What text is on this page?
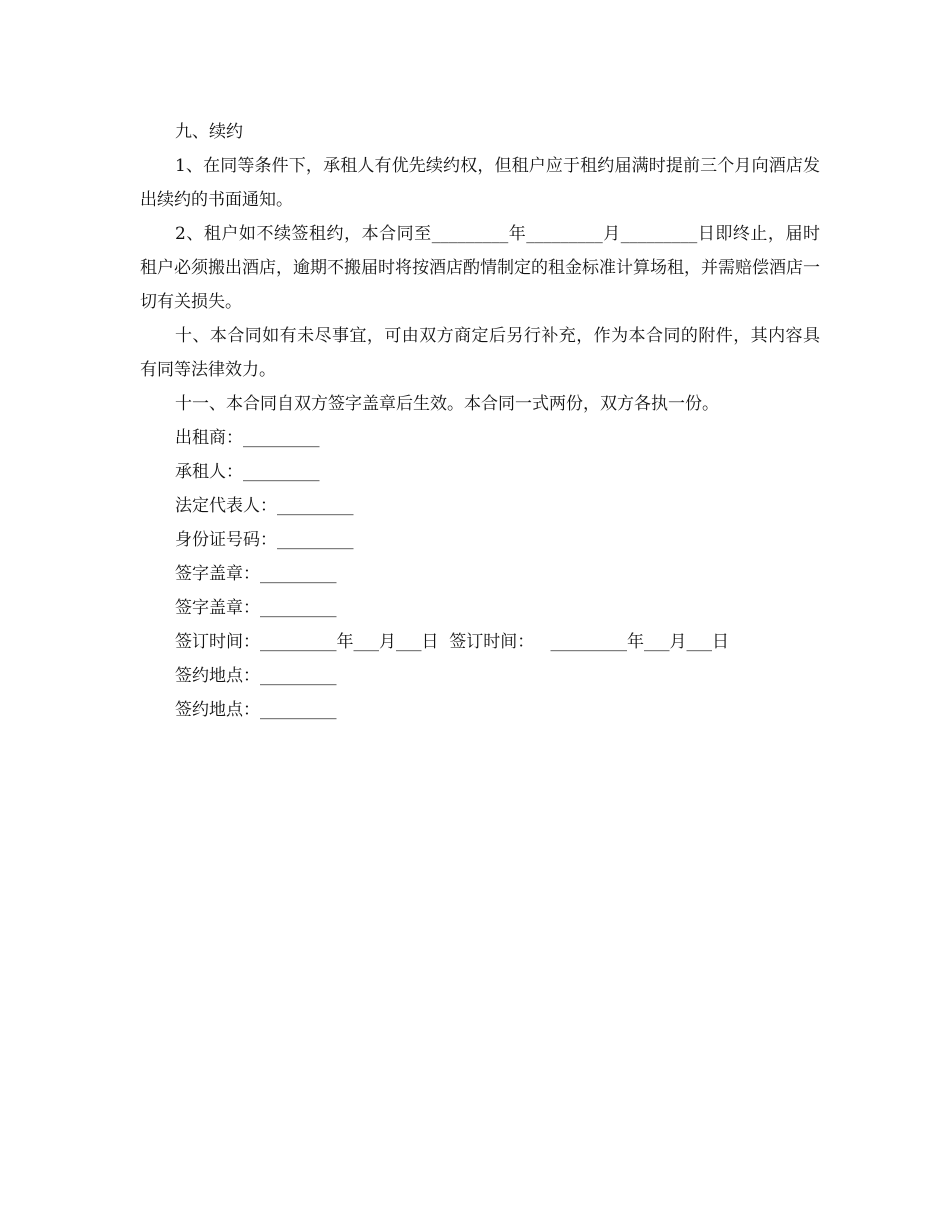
九、续约

1、在同等条件下，承租人有优先续约权，但租户应于租约届满时提前三个月向酒店发出续约的书面通知。

2、租户如不续签租约，本合同至_________年_________月_________日即终止，届时租户必须搬出酒店，逾期不搬届时将按酒店酌情制定的租金标准计算场租，并需赔偿酒店一切有关损失。

十、本合同如有未尽事宜，可由双方商定后另行补充，作为本合同的附件，其内容具有同等法律效力。

十一、本合同自双方签字盖章后生效。本合同一式两份，双方各执一份。

出租商：_________

承租人：_________

法定代表人：_________

身份证号码：_________

签字盖章：_________

签字盖章：_________

签订时间：_________年___月___日  签订时间：   _________年___月___日

签约地点：_________

签约地点：_________
